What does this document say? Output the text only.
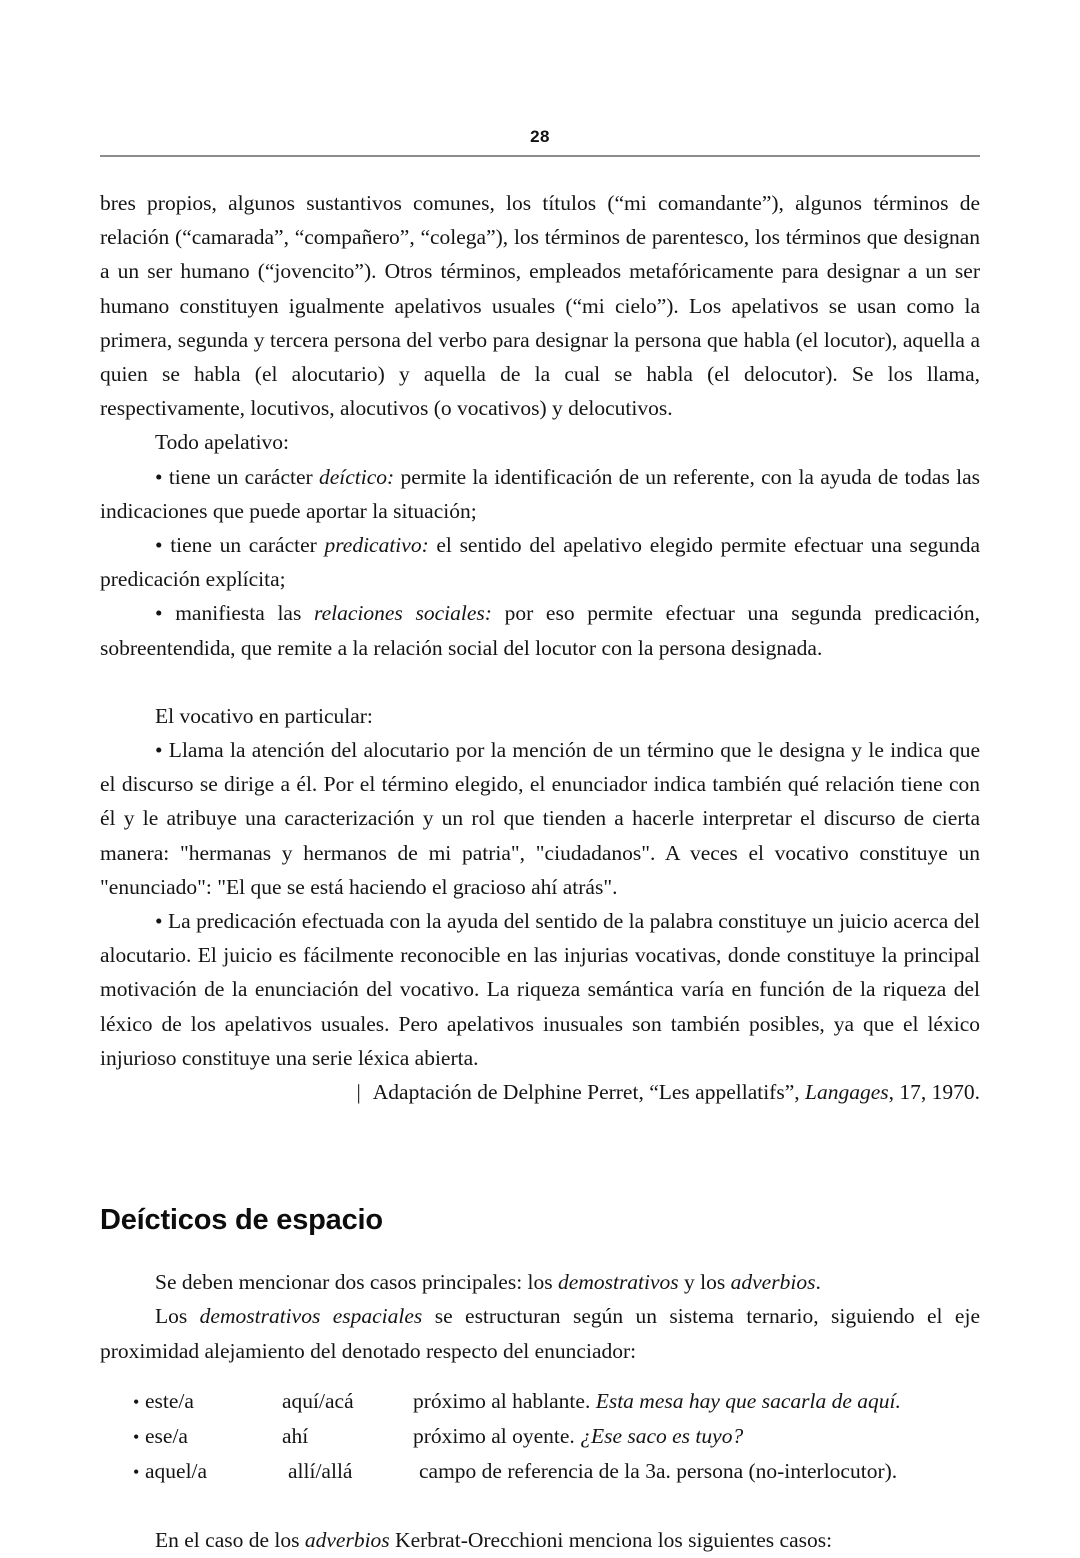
28

bres propios, algunos sustantivos comunes, los títulos (“mi comandante”), algunos términos de relación (“camarada”, “compañero”, “colega”), los términos de parentesco, los términos que designan a un ser humano (“jovencito”). Otros términos, empleados metafóricamente para designar a un ser humano constituyen igualmente apelativos usuales (“mi cielo”). Los apelativos se usan como la primera, segunda y tercera persona del verbo para designar la persona que habla (el locutor), aquella a quien se habla (el alocutario) y aquella de la cual se habla (el delocutor). Se los llama, respectivamente, locutivos, alocutivos (o vocativos) y delocutivos.

Todo apelativo:

• tiene un carácter deíctico: permite la identificación de un referente, con la ayuda de todas las indicaciones que puede aportar la situación;

• tiene un carácter predicativo: el sentido del apelativo elegido permite efectuar una segunda predicación explícita;

• manifiesta las relaciones sociales: por eso permite efectuar una segunda predicación, sobreentendida, que remite a la relación social del locutor con la persona designada.

El vocativo en particular:

• Llama la atención del alocutario por la mención de un término que le designa y le indica que el discurso se dirige a él. Por el término elegido, el enunciador indica también qué relación tiene con él y le atribuye una caracterización y un rol que tienden a hacerle interpretar el discurso de cierta manera: "hermanas y hermanos de mi patria", "ciudadanos". A veces el vocativo constituye un "enunciado": "El que se está haciendo el gracioso ahí atrás".

• La predicación efectuada con la ayuda del sentido de la palabra constituye un juicio acerca del alocutario. El juicio es fácilmente reconocible en las injurias vocativas, donde constituye la principal motivación de la enunciación del vocativo. La riqueza semántica varía en función de la riqueza del léxico de los apelativos usuales. Pero apelativos inusuales son también posibles, ya que el léxico injurioso constituye una serie léxica abierta.

| Adaptación de Delphine Perret, “Les appellatifs”, Langages, 17, 1970.

Deícticos de espacio

Se deben mencionar dos casos principales: los demostrativos y los adverbios.

Los demostrativos espaciales se estructuran según un sistema ternario, siguiendo el eje proximidad alejamiento del denotado respecto del enunciador:

• este/a	aquí/acá	próximo al hablante. Esta mesa hay que sacarla de aquí.
• ese/a	ahí	próximo al oyente. ¿Ese saco es tuyo?
• aquel/a	allí/allá	campo de referencia de la 3a. persona (no-interlocutor).

En el caso de los adverbios Kerbrat-Orecchioni menciona los siguientes casos:
